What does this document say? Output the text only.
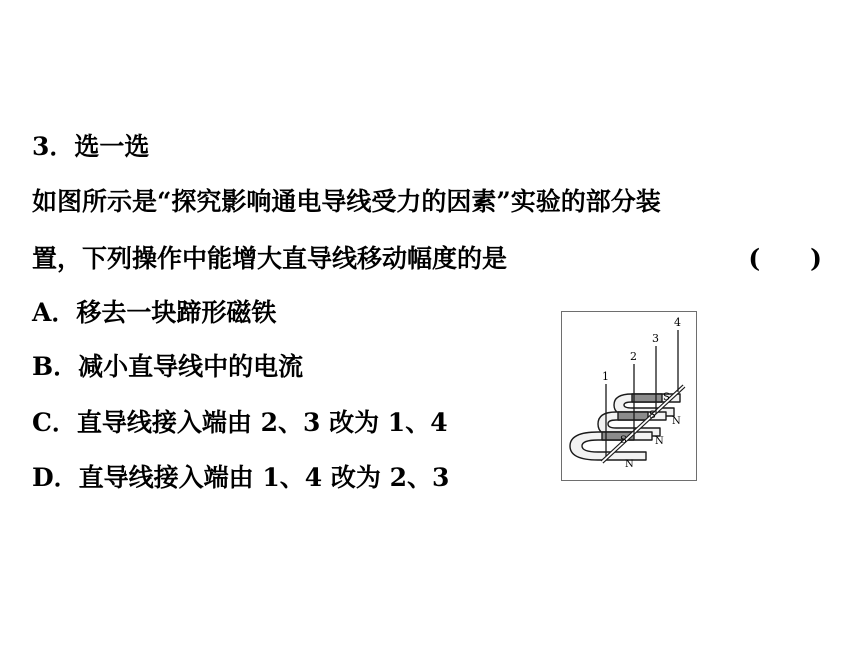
3．选一选
如图所示是“探究影响通电导线受力的因素”实验的部分装
置，下列操作中能增大直导线移动幅度的是	(　　)
A．移去一块蹄形磁铁
B．减小直导线中的电流
C．直导线接入端由 2、3 改为 1、4
D．直导线接入端由 1、4 改为 2、3
1
2
3
4
S
N
S
N
S
N
